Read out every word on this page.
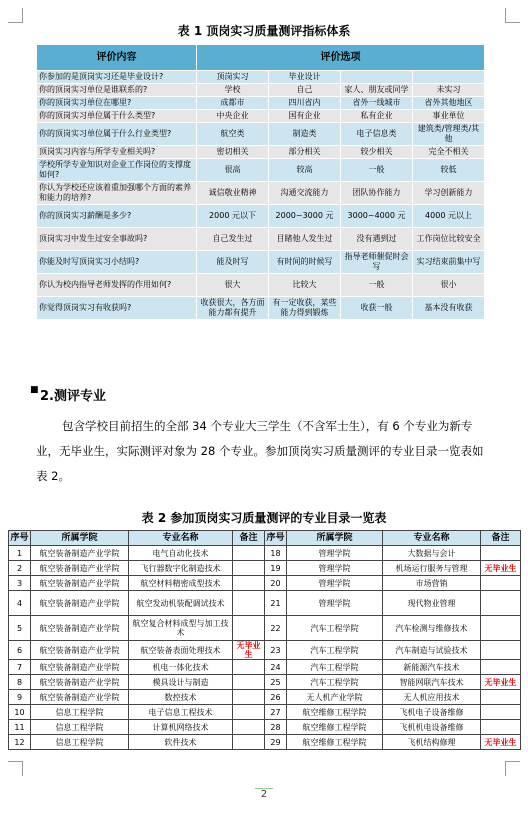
表 1 顶岗实习质量测评指标体系
评价内容	评价选项			
你参加的是顶岗实习还是毕业设计?	顶岗实习	毕业设计		
你的顶岗实习单位是谁联系的?	学校	自己	家人、朋友或同学	未实习
你的顶岗实习单位在哪里?	成都市	四川省内	省外一线城市	省外其他地区
你的顶岗实习单位属于什么类型?	中央企业	国有企业	私有企业	事业单位
你的顶岗实习单位属于什么行业类型?	航空类	制造类	电子信息类	建筑类/管理类/其他
顶岗实习内容与所学专业相关吗?	密切相关	部分相关	较少相关	完全不相关
学校所学专业知识对企业工作岗位的支撑度如何?	很高	较高	一般	较低
你认为学校还应该着重加强哪个方面的素养和能力的培养?	诚信敬业精神	沟通交流能力	团队协作能力	学习创新能力
你的顶岗实习薪酬是多少?	2000 元以下	2000~3000 元	3000~4000 元	4000 元以上
顶岗实习中发生过安全事故吗?	自己发生过	目睹他人发生过	没有遇到过	工作岗位比较安全
你能及时写顶岗实习小结吗?	能及时写	有时间的时候写	指导老师催促时会写	实习结束前集中写
你认为校内指导老师发挥的作用如何?	很大	比较大	一般	很小
你觉得顶岗实习有收获吗?	收获很大，各方面能力都有提升	有一定收获，某些能力得到锻炼	收获一般	基本没有收获
■ 2.测评专业
包含学校目前招生的全部 34 个专业大三学生（不含军士生），有 6 个专业为新专业，无毕业生，实际测评对象为 28 个专业。参加顶岗实习质量测评的专业目录一览表如表 2。
表 2 参加顶岗实习质量测评的专业目录一览表
序号	所属学院	专业名称	备注	序号	所属学院	专业名称	备注
1	航空装备制造产业学院	电气自动化技术		18	管理学院	大数据与会计	
2	航空装备制造产业学院	飞行器数字化制造技术		19	管理学院	机场运行服务与管理	无毕业生
3	航空装备制造产业学院	航空材料精密成型技术		20	管理学院	市场营销	
4	航空装备制造产业学院	航空发动机装配调试技术		21	管理学院	现代物业管理	
5	航空装备制造产业学院	航空复合材料成型与加工技术		22	汽车工程学院	汽车检测与维修技术	
6	航空装备制造产业学院	航空装备表面处理技术	无毕业生	23	汽车工程学院	汽车制造与试验技术	
7	航空装备制造产业学院	机电一体化技术		24	汽车工程学院	新能源汽车技术	
8	航空装备制造产业学院	模具设计与制造		25	汽车工程学院	智能网联汽车技术	无毕业生
9	航空装备制造产业学院	数控技术		26	无人机产业学院	无人机应用技术	
10	信息工程学院	电子信息工程技术		27	航空维修工程学院	飞机电子设备维修	
11	信息工程学院	计算机网络技术		28	航空维修工程学院	飞机机电设备维修	
12	信息工程学院	软件技术		29	航空维修工程学院	飞机结构修理	无毕业生
2
